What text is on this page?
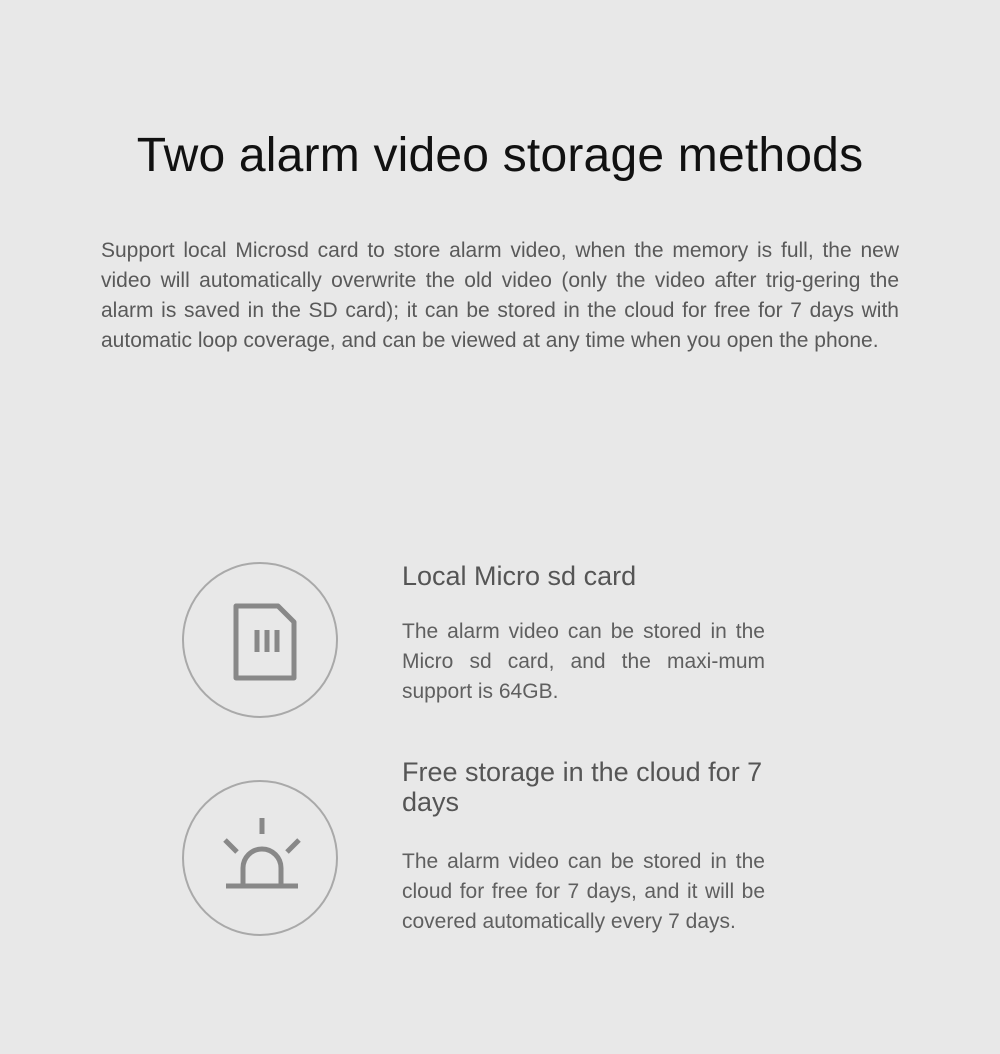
Two alarm video storage methods

Support local Microsd card to store alarm video, when the memory is full, the new video will automatically overwrite the old video (only the video after trig-gering the alarm is saved in the SD card); it can be stored in the cloud for free for 7 days with automatic loop coverage, and can be viewed at any time when you open the phone.

Local Micro sd card

The alarm video can be stored in the Micro sd card, and the maxi-mum support is 64GB.

Free storage in the cloud for 7 days

The alarm video can be stored in the cloud for free for 7 days, and it will be covered automatically every 7 days.
